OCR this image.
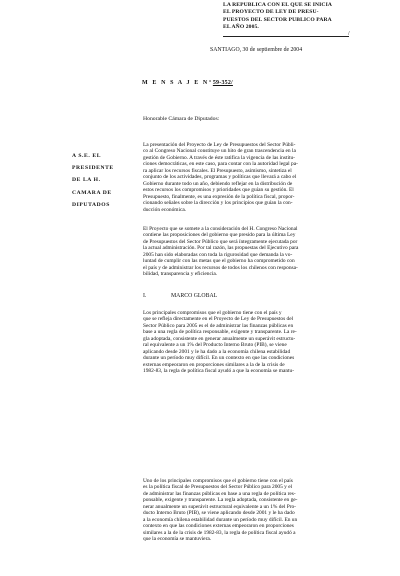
LA REPUBLICA CON EL QUE SE INICIA
EL PROYECTO DE LEY DE PRESU-
PUESTOS DEL SECTOR PUBLICO PARA
EL AÑO 2005.
/
SANTIAGO, 30 de septiembre de 2004
M E N S A J E N°59-352/
Honorable Cámara de Diputados:
A S.E. EL
PRESIDENTE
DE LA H.
CAMARA DE
DIPUTADOS
La presentación del Proyecto de Ley de Presupuestos del Sector Públi-
co al Congreso Nacional constituye un hito de gran trascendencia en la
gestión de Gobierno. A través de éste ratifica la vigencia de las institu-
ciones democráticas, en este caso, para contar con la autoridad legal pa-
ra aplicar los recursos fiscales. El Presupuesto, asimismo, sintetiza el
conjunto de los actividades, programas y políticas que llevará a cabo el
Gobierno durante todo un año, debiendo reflejar en la distribución de
estos recursos los compromisos y prioridades que guían su gestión. El
Presupuesto, finalmente, es una expresión de la política fiscal, propor-
cionando señales sobre la dirección y los principios que guían la con-
ducción económica.
El Proyecto que se somete a la consideración del H. Congreso Nacional
contiene las proposiciones del gobierno que presido para la última Ley
de Presupuestos del Sector Público que será íntegramente ejecutada por
la actual administración. Por tal razón, las propuestas del Ejecutivo para
2005 han sido elaboradas con toda la rigurosidad que demanda la vo-
luntad de cumplir con las metas que el gobierno ha comprometido con
el país y de administrar los recursos de todos los chilenos con responsa-
bilidad, transparencia y eficiencia.
I.	MARCO GLOBAL
Los principales compromisos que el gobierno tiene con el país y
que se refleja directamente en el Proyecto de Ley de Presupuestos del
Sector Público para 2005 es el de administrar las finanzas públicas en
base a una regla de política responsable, exigente y transparente. La re-
gla adoptada, consistente en generar anualmente un superávit estructu-
ral equivalente a un 1% del Producto Interno Bruto (PIB), se viene
aplicando desde 2001 y le ha dado a la economía chilena estabilidad
durante un período muy difícil. En un contexto en que las condiciones
externas empeoraron en proporciones similares a la de la crisis de
1982-83, la regla de política fiscal ayudó a que la economía se mantu-
Uno de los principales compromisos que el gobierno tiene con el país
es la política fiscal de Presupuestos del Sector Público para 2005 y el
de administrar las finanzas públicas en base a una regla de política res-
ponsable, exigente y transparente. La regla adoptada, consistente en ge-
nerar anualmente un superávit estructural equivalente a un 1% del Pro-
ducto Interno Bruto (PIB), se viene aplicando desde 2001 y le ha dado
a la economía chilena estabilidad durante un período muy difícil. En un
contexto en que las condiciones externas empeoraron en proporciones
similares a la de la crisis de 1982-83, la regla de política fiscal ayudó a
que la economía se mantuviera.
